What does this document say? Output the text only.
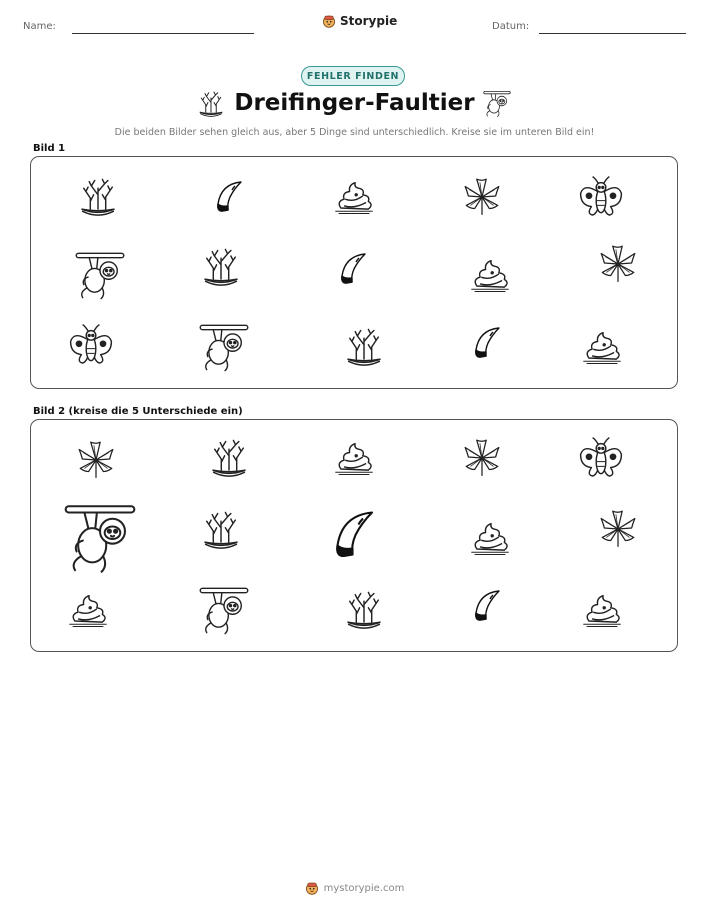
Name:	Storypie	Datum:
FEHLER FINDEN
Dreifinger-Faultier
Die beiden Bilder sehen gleich aus, aber 5 Dinge sind unterschiedlich. Kreise sie im unteren Bild ein!
Bild 1
Bild 2 (kreise die 5 Unterschiede ein)
mystorypie.com
